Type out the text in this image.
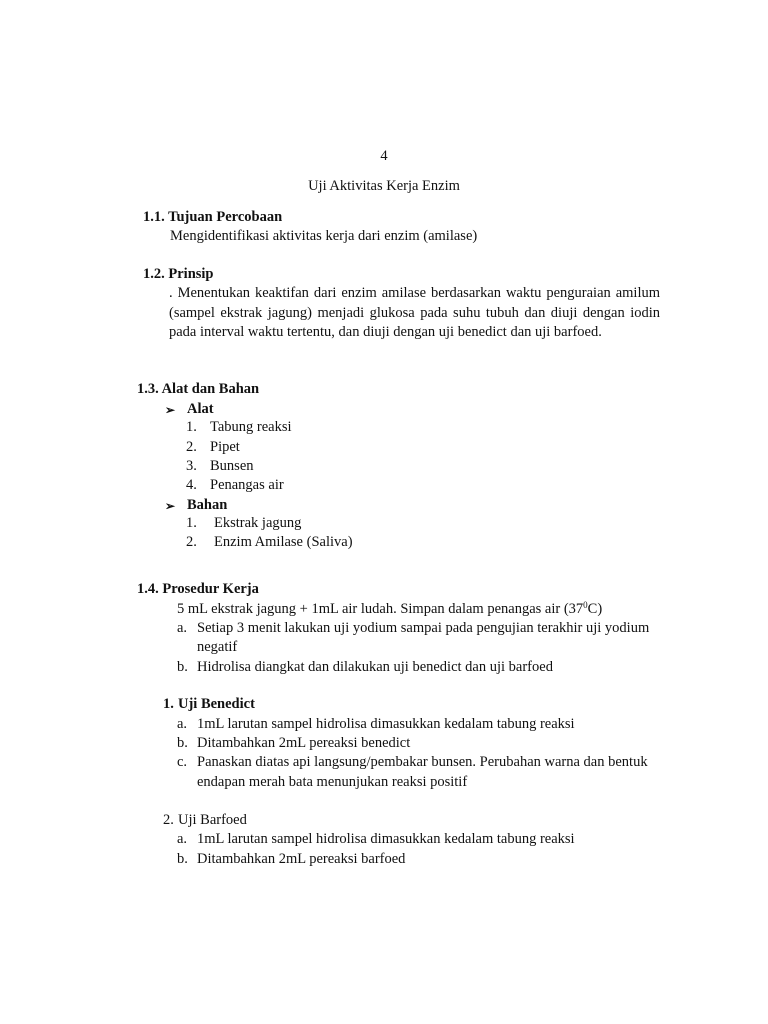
4
Uji Aktivitas Kerja Enzim
1.1. Tujuan Percobaan
Mengidentifikasi aktivitas kerja dari enzim (amilase)
1.2. Prinsip
. Menentukan keaktifan dari enzim amilase berdasarkan waktu penguraian amilum (sampel ekstrak jagung) menjadi glukosa pada suhu tubuh dan diuji dengan iodin pada interval waktu tertentu, dan diuji dengan uji benedict dan uji barfoed.
1.3. Alat dan Bahan
➢ Alat
1. Tabung reaksi
2. Pipet
3. Bunsen
4. Penangas air
➢ Bahan
1. Ekstrak jagung
2. Enzim Amilase (Saliva)
1.4. Prosedur Kerja
5 mL ekstrak jagung + 1mL air ludah. Simpan dalam penangas air $(37^0C)$
a. Setiap 3 menit lakukan uji yodium sampai pada pengujian terakhir uji yodium
negatif
b. Hidrolisa diangkat dan dilakukan uji benedict dan uji barfoed
1. Uji Benedict
a. 1mL larutan sampel hidrolisa dimasukkan kedalam tabung reaksi
b. Ditambahkan 2mL pereaksi benedict
c. Panaskan diatas api langsung/pembakar bunsen. Perubahan warna dan bentuk
endapan merah bata menunjukan reaksi positif
2. Uji Barfoed
a. 1mL larutan sampel hidrolisa dimasukkan kedalam tabung reaksi
b. Ditambahkan 2mL pereaksi barfoed
